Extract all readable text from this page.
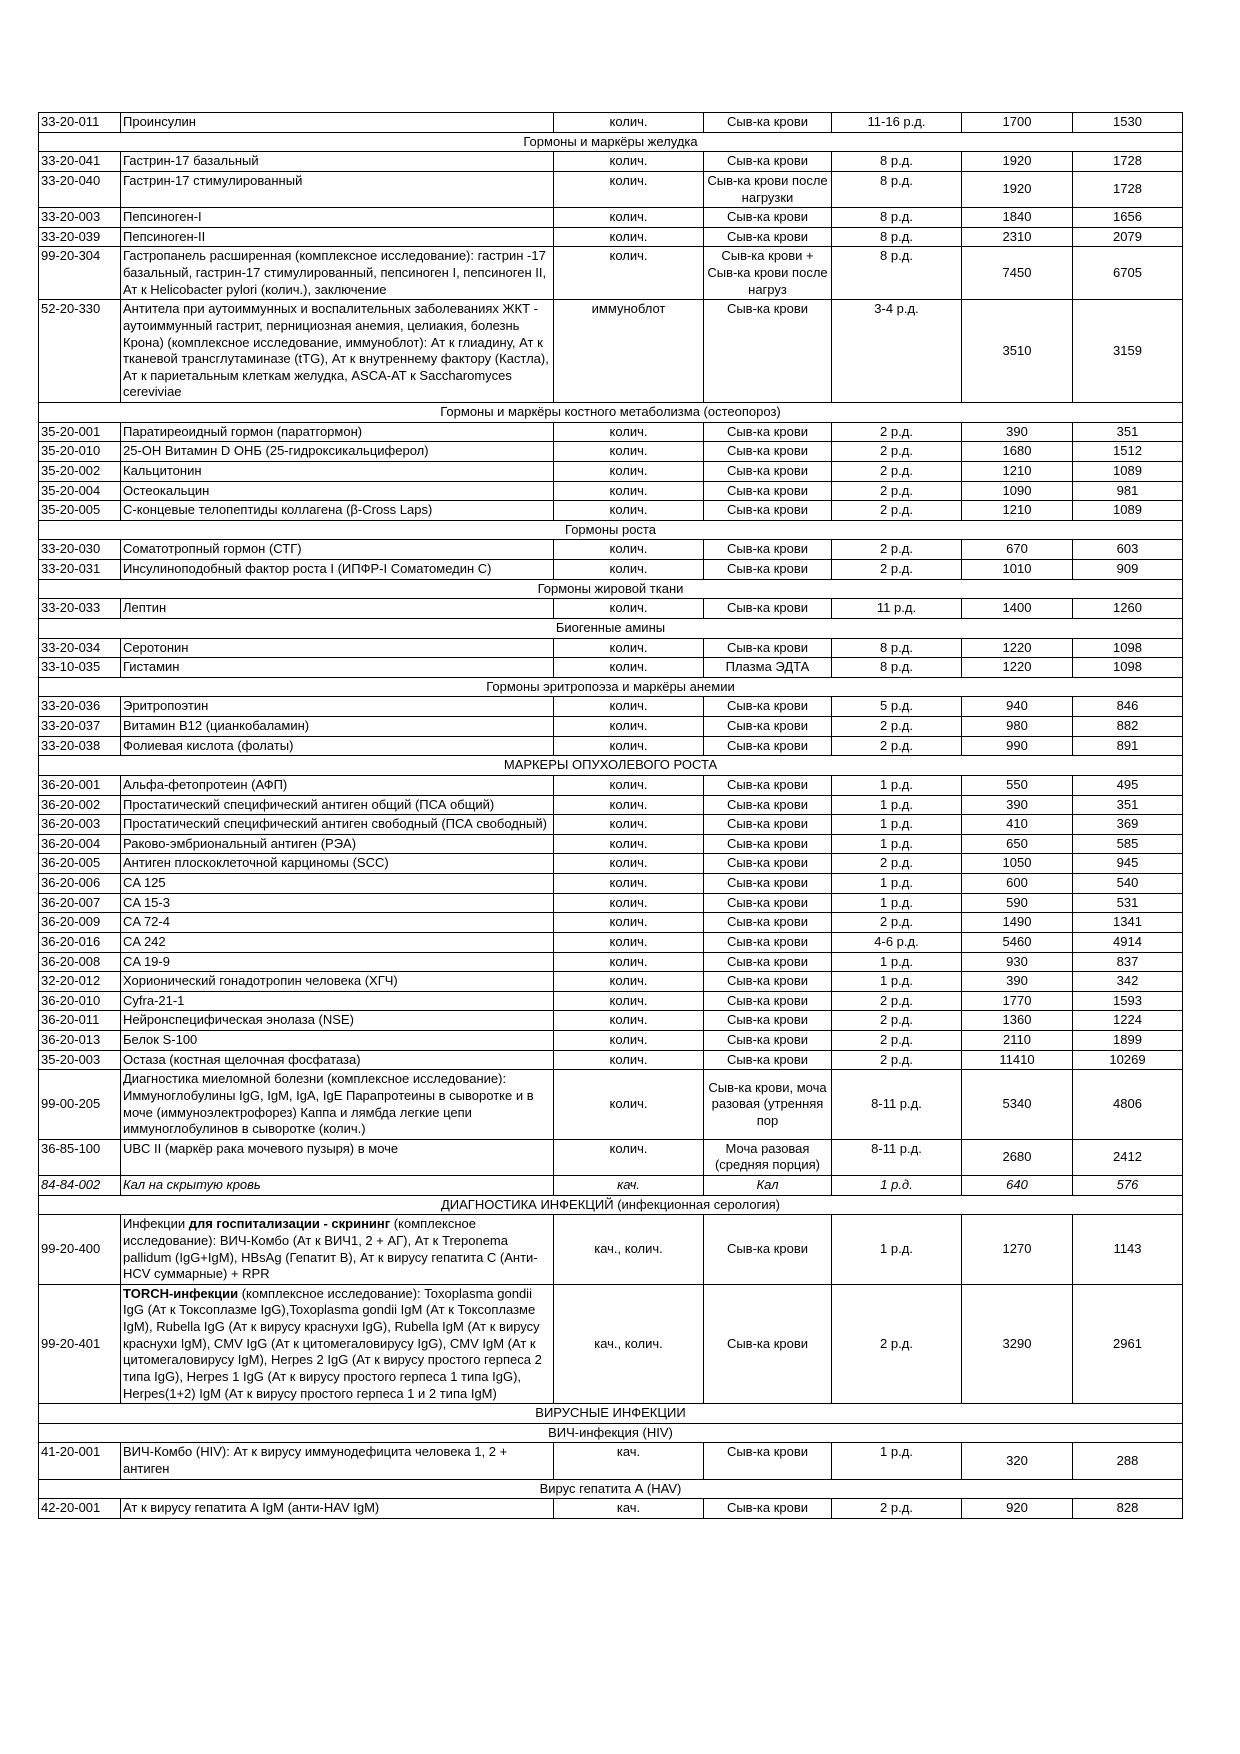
33-20-011	Проинсулин	колич.	Сыв-ка крови	11-16 р.д.	1700	1530
Гормоны и маркёры желудка						
33-20-041	Гастрин-17 базальный	колич.	Сыв-ка крови	8 р.д.	1920	1728
33-20-040	Гастрин-17 стимулированный	колич.	Сыв-ка крови после нагрузки	8 р.д.	1920	1728
33-20-003	Пепсиноген-I	колич.	Сыв-ка крови	8 р.д.	1840	1656
33-20-039	Пепсиноген-II	колич.	Сыв-ка крови	8 р.д.	2310	2079
99-20-304	Гастропанель расширенная (комплексное исследование): гастрин -17 базальный, гастрин-17 стимулированный, пепсиноген I, пепсиноген II, Ат к Helicobacter pylori (колич.), заключение	колич.	Сыв-ка крови + Сыв-ка крови после нагруз	8 р.д.	7450	6705
52-20-330	Антитела при аутоиммунных и воспалительных заболеваниях ЖКТ - аутоиммунный гастрит, пернициозная анемия, целиакия, болезнь Крона) (комплексное исследование, иммуноблот): Ат к глиадину, Ат к тканевой трансглутаминазе (tTG), Ат к внутреннему фактору (Кастла), Ат к париетальным клеткам желудка, ASCA-AT к Saccharomyces cereviviae	иммуноблот	Сыв-ка крови	3-4 р.д.	3510	3159
Гормоны и маркёры костного метаболизма (остеопороз)						
35-20-001	Паратиреоидный гормон (паратгормон)	колич.	Сыв-ка крови	2 р.д.	390	351
35-20-010	25-ОН Витамин D ОНБ (25-гидроксикальциферол)	колич.	Сыв-ка крови	2 р.д.	1680	1512
35-20-002	Кальцитонин	колич.	Сыв-ка крови	2 р.д.	1210	1089
35-20-004	Остеокальцин	колич.	Сыв-ка крови	2 р.д.	1090	981
35-20-005	С-концевые телопептиды коллагена (β-Cross Laps)	колич.	Сыв-ка крови	2 р.д.	1210	1089
Гормоны роста						
33-20-030	Соматотропный гормон (СТГ)	колич.	Сыв-ка крови	2 р.д.	670	603
33-20-031	Инсулиноподобный фактор роста I (ИПФР-I Соматомедин С)	колич.	Сыв-ка крови	2 р.д.	1010	909
Гормоны жировой ткани						
33-20-033	Лептин	колич.	Сыв-ка крови	11 р.д.	1400	1260
Биогенные амины						
33-20-034	Серотонин	колич.	Сыв-ка крови	8 р.д.	1220	1098
33-10-035	Гистамин	колич.	Плазма ЭДТА	8 р.д.	1220	1098
Гормоны эритропоэза и маркёры анемии						
33-20-036	Эритропоэтин	колич.	Сыв-ка крови	5 р.д.	940	846
33-20-037	Витамин В12 (цианкобаламин)	колич.	Сыв-ка крови	2 р.д.	980	882
33-20-038	Фолиевая кислота (фолаты)	колич.	Сыв-ка крови	2 р.д.	990	891
МАРКЕРЫ ОПУХОЛЕВОГО РОСТА						
36-20-001	Альфа-фетопротеин (АФП)	колич.	Сыв-ка крови	1 р.д.	550	495
36-20-002	Простатический специфический антиген общий (ПСА общий)	колич.	Сыв-ка крови	1 р.д.	390	351
36-20-003	Простатический специфический антиген свободный (ПСА свободный)	колич.	Сыв-ка крови	1 р.д.	410	369
36-20-004	Раково-эмбриональный антиген (РЭА)	колич.	Сыв-ка крови	1 р.д.	650	585
36-20-005	Антиген плоскоклеточной карциномы (SCC)	колич.	Сыв-ка крови	2 р.д.	1050	945
36-20-006	CA 125	колич.	Сыв-ка крови	1 р.д.	600	540
36-20-007	CA 15-3	колич.	Сыв-ка крови	1 р.д.	590	531
36-20-009	CA 72-4	колич.	Сыв-ка крови	2 р.д.	1490	1341
36-20-016	CA 242	колич.	Сыв-ка крови	4-6 р.д.	5460	4914
36-20-008	CA 19-9	колич.	Сыв-ка крови	1 р.д.	930	837
32-20-012	Хорионический гонадотропин человека (ХГЧ)	колич.	Сыв-ка крови	1 р.д.	390	342
36-20-010	Cyfra-21-1	колич.	Сыв-ка крови	2 р.д.	1770	1593
36-20-011	Нейронспецифическая энолаза (NSE)	колич.	Сыв-ка крови	2 р.д.	1360	1224
36-20-013	Белок S-100	колич.	Сыв-ка крови	2 р.д.	2110	1899
35-20-003	Остаза (костная щелочная фосфатаза)	колич.	Сыв-ка крови	2 р.д.	11410	10269
99-00-205	Диагностика миеломной болезни (комплексное исследование): Иммуноглобулины IgG, IgM, IgA, IgE Парапротеины в сыворотке и в моче (иммуноэлектрофорез) Каппа и лямбда легкие цепи иммуноглобулинов в сыворотке (колич.)	колич.	Сыв-ка крови, моча разовая (утренняя пор	8-11 р.д.	5340	4806
36-85-100	UBC II (маркёр рака мочевого пузыря) в моче	колич.	Моча разовая (средняя порция)	8-11 р.д.	2680	2412
84-84-002	Кал на скрытую кровь	кач.	Кал	1 р.д.	640	576
ДИАГНОСТИКА ИНФЕКЦИЙ (инфекционная серология)						
99-20-400	Инфекции для госпитализации - скрининг (комплексное исследование): ВИЧ-Комбо (Ат к ВИЧ1, 2 + АГ), Ат к Treponema pallidum (IgG+IgM), HBsAg (Гепатит В), Ат к вирусу гепатита С (Анти-HCV суммарные) + RPR	кач., колич.	Сыв-ка крови	1 р.д.	1270	1143
99-20-401	TORCH-инфекции (комплексное исследование): Toxoplasma gondii IgG (Ат к Токсоплазме IgG),Toxoplasma gondii IgM (Ат к Токсоплазме IgM), Rubella IgG (Ат к вирусу краснухи IgG), Rubella IgM (Ат к вирусу краснухи IgM), CMV IgG (Ат к цитомегаловирусу IgG), CMV IgM (Ат к цитомегаловирусу IgM), Herpes 2 IgG (Ат к вирусу простого герпеса 2 типа IgG), Herpes 1 IgG (Ат к вирусу простого герпеса 1 типа IgG), Herpes(1+2) IgM (Ат к вирусу простого герпеса 1 и 2 типа IgM)	кач., колич.	Сыв-ка крови	2 р.д.	3290	2961
ВИРУСНЫЕ ИНФЕКЦИИ						
ВИЧ-инфекция (HIV)						
41-20-001	ВИЧ-Комбо (HIV): Ат к вирусу иммунодефицита человека 1, 2 + антиген	кач.	Сыв-ка крови	1 р.д.	320	288
Вирус гепатита А (HAV)						
42-20-001	Ат к вирусу гепатита А IgM (анти-HAV IgM)	кач.	Сыв-ка крови	2 р.д.	920	828
